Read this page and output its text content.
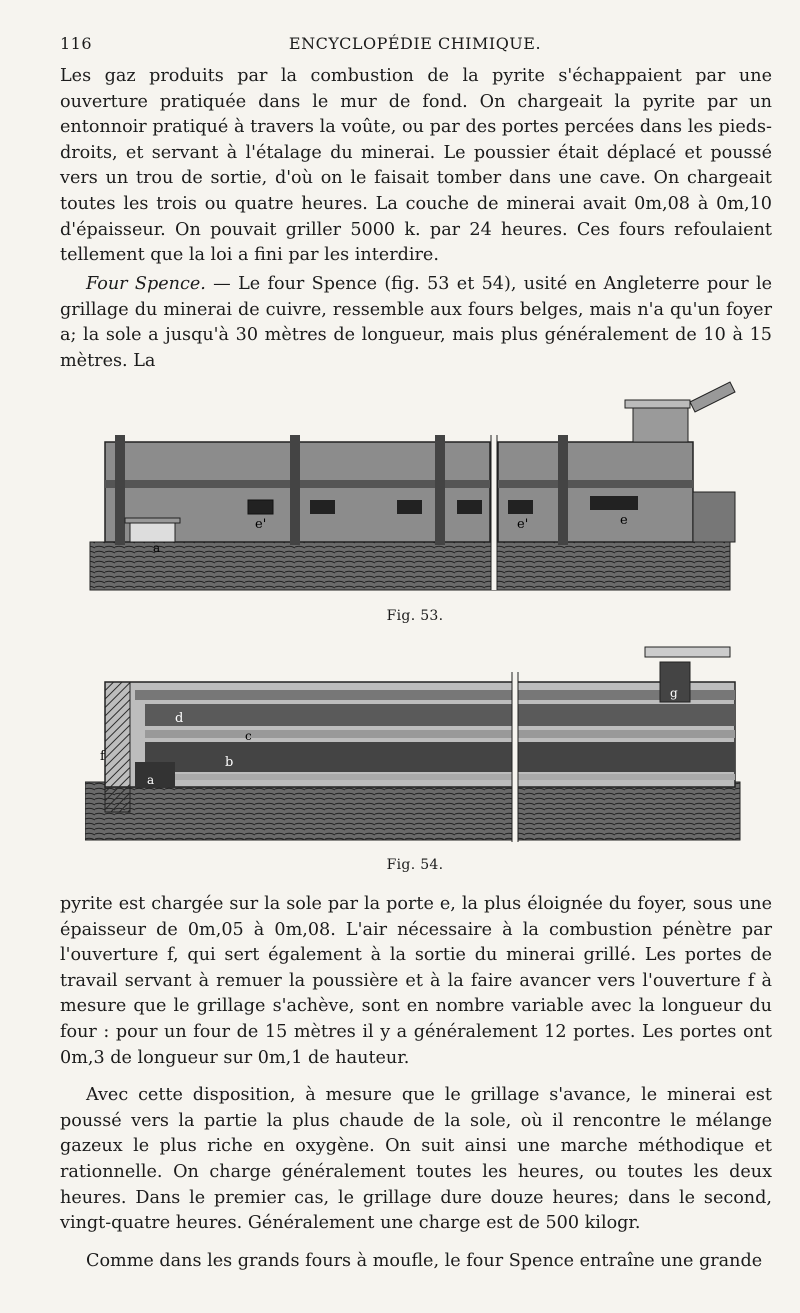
116	ENCYCLOPÉDIE CHIMIQUE.

Les gaz produits par la combustion de la pyrite s'échappaient par une ouverture pratiquée dans le mur de fond. On chargeait la pyrite par un entonnoir pratiqué à travers la voûte, ou par des portes percées dans les pieds-droits, et servant à l'étalage du minerai. Le poussier était déplacé et poussé vers un trou de sortie, d'où on le faisait tomber dans une cave. On chargeait toutes les trois ou quatre heures. La couche de minerai avait 0m,08 à 0m,10 d'épaisseur. On pouvait griller 5000 k. par 24 heures. Ces fours refoulaient tellement que la loi a fini par les interdire.

Four Spence. — Le four Spence (fig. 53 et 54), usité en Angleterre pour le grillage du minerai de cuivre, ressemble aux fours belges, mais n'a qu'un foyer a; la sole a jusqu'à 30 mètres de longueur, mais plus généralement de 10 à 15 mètres. La

a
e'	e'	e
Fig. 53.
f
a
b
c
d
g
Fig. 54.

pyrite est chargée sur la sole par la porte e, la plus éloignée du foyer, sous une épaisseur de 0m,05 à 0m,08. L'air nécessaire à la combustion pénètre par l'ouverture f, qui sert également à la sortie du minerai grillé. Les portes de travail servant à remuer la poussière et à la faire avancer vers l'ouverture f à mesure que le grillage s'achève, sont en nombre variable avec la longueur du four : pour un four de 15 mètres il y a généralement 12 portes. Les portes ont 0m,3 de longueur sur 0m,1 de hauteur.

Avec cette disposition, à mesure que le grillage s'avance, le minerai est poussé vers la partie la plus chaude de la sole, où il rencontre le mélange gazeux le plus riche en oxygène. On suit ainsi une marche méthodique et rationnelle. On charge généralement toutes les heures, ou toutes les deux heures. Dans le premier cas, le grillage dure douze heures; dans le second, vingt-quatre heures. Généralement une charge est de 500 kilogr.

Comme dans les grands fours à moufle, le four Spence entraîne une grande
